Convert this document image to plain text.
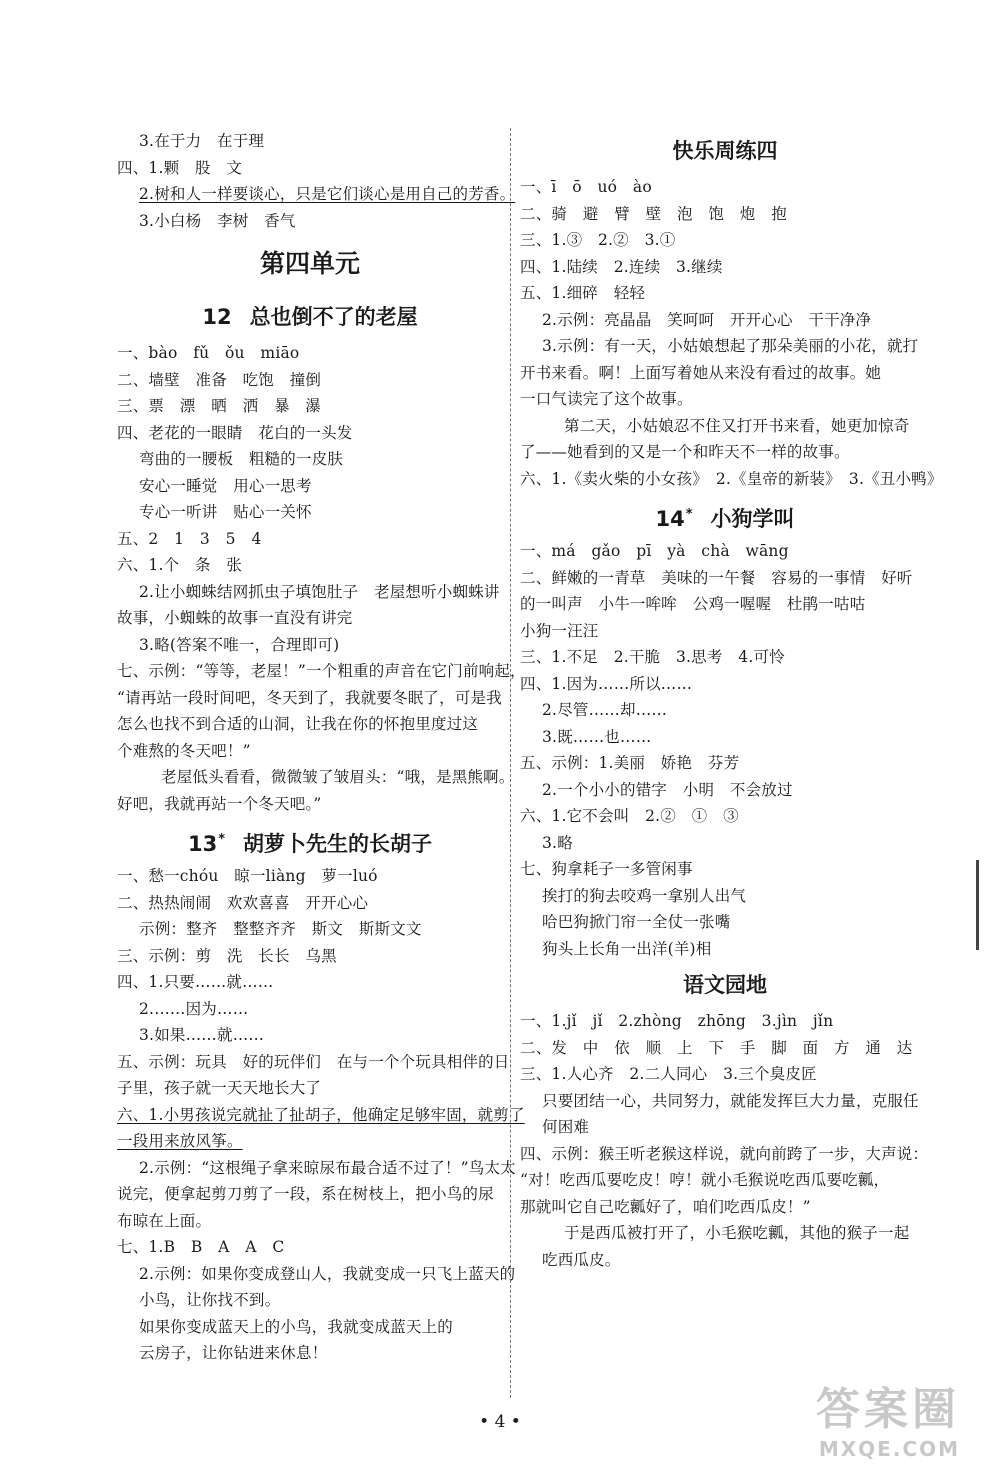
3.在于力　在于理
四、1.颗　股　文
2.树和人一样要谈心，只是它们谈心是用自己的芳香。
3.小白杨　李树　香气
第四单元
12 总也倒不了的老屋
一、bào　fǔ　ǒu　miāo
二、墙壁　准备　吃饱　撞倒
三、票　漂　晒　洒　暴　瀑
四、老花的一眼睛　花白的一头发
弯曲的一腰板　粗糙的一皮肤
安心一睡觉　用心一思考
专心一听讲　贴心一关怀
五、2　1　3　5　4
六、1.个　条　张
2.让小蜘蛛结网抓虫子填饱肚子　老屋想听小蜘蛛讲
故事，小蜘蛛的故事一直没有讲完
3.略(答案不唯一，合理即可)
七、示例：“等等，老屋！”一个粗重的声音在它门前响起，
“请再站一段时间吧，冬天到了，我就要冬眠了，可是我
怎么也找不到合适的山洞，让我在你的怀抱里度过这
个难熬的冬天吧！”
老屋低头看看，微微皱了皱眉头：“哦，是黑熊啊。
好吧，我就再站一个冬天吧。”
13* 胡萝卜先生的长胡子
一、愁一chóu　晾一liàng　萝一luó
二、热热闹闹　欢欢喜喜　开开心心
示例：整齐　整整齐齐　斯文　斯斯文文
三、示例：剪　洗　长长　乌黑
四、1.只要……就……
2.……因为……
3.如果……就……
五、示例：玩具　好的玩伴们　在与一个个玩具相伴的日
子里，孩子就一天天地长大了
六、1.小男孩说完就扯了扯胡子，他确定足够牢固，就剪了
一段用来放风筝。
2.示例：“这根绳子拿来晾尿布最合适不过了！”鸟太太
说完，便拿起剪刀剪了一段，系在树枝上，把小鸟的尿
布晾在上面。
七、1.B　B　A　A　C
2.示例：如果你变成登山人，我就变成一只飞上蓝天的
小鸟，让你找不到。
如果你变成蓝天上的小鸟，我就变成蓝天上的
云房子，让你钻进来休息！
快乐周练四
一、ī　ō　uó　ào
二、骑　避　臂　壁　泡　饱　炮　抱
三、1.③　2.②　3.①
四、1.陆续　2.连续　3.继续
五、1.细碎　轻轻
2.示例：亮晶晶　笑呵呵　开开心心　干干净净
3.示例：有一天，小姑娘想起了那朵美丽的小花，就打
开书来看。啊！上面写着她从来没有看过的故事。她
一口气读完了这个故事。
第二天，小姑娘忍不住又打开书来看，她更加惊奇
了——她看到的又是一个和昨天不一样的故事。
六、1.《卖火柴的小女孩》　2.《皇帝的新装》　3.《丑小鸭》
14* 小狗学叫
一、má　gǎo　pī　yà　chà　wāng
二、鲜嫩的一青草　美味的一午餐　容易的一事情　好听
的一叫声　小牛一哞哞　公鸡一喔喔　杜鹃一咕咕
小狗一汪汪
三、1.不足　2.干脆　3.思考　4.可怜
四、1.因为……所以……
2.尽管……却……
3.既……也……
五、示例：1.美丽　娇艳　芬芳
2.一个小小的错字　小明　不会放过
六、1.它不会叫　2.②　①　③
3.略
七、狗拿耗子一多管闲事
挨打的狗去咬鸡一拿别人出气
哈巴狗掀门帘一全仗一张嘴
狗头上长角一出洋(羊)相
语文园地
一、1.jǐ　jǐ　2.zhòng　zhōng　3.jìn　jǐn
二、发　中　依　顺　上　下　手　脚　面　方　通　达
三、1.人心齐　2.二人同心　3.三个臭皮匠
只要团结一心，共同努力，就能发挥巨大力量，克服任
何困难
四、示例：猴王听老猴这样说，就向前跨了一步，大声说：
“对！吃西瓜要吃皮！哼！就小毛猴说吃西瓜要吃瓤，
那就叫它自己吃瓤好了，咱们吃西瓜皮！”
于是西瓜被打开了，小毛猴吃瓤，其他的猴子一起
吃西瓜皮。
• 4 •	答案圈
MXQE.COM
